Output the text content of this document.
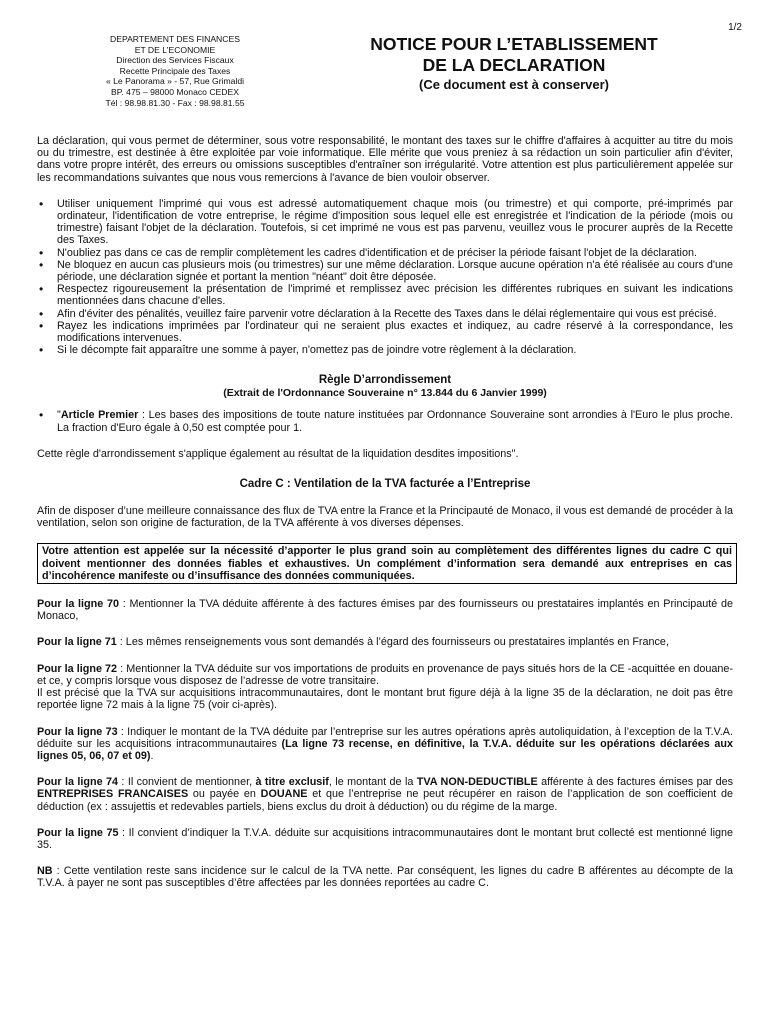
1/2
DEPARTEMENT DES FINANCES
ET DE L’ECONOMIE
Direction des Services Fiscaux
Recette Principale des Taxes
« Le Panorama » - 57, Rue Grimaldi
BP. 475 – 98000 Monaco CEDEX
Tél : 98.98.81.30 - Fax : 98.98.81.55
NOTICE POUR L’ETABLISSEMENT
DE LA DECLARATION
(Ce document est à conserver)

La déclaration, qui vous permet de déterminer, sous votre responsabilité, le montant des taxes sur le chiffre d'affaires à acquitter au titre du mois ou du trimestre, est destinée à être exploitée par voie informatique. Elle mérite que vous preniez à sa rédaction un soin particulier afin d'éviter, dans votre propre intérêt, des erreurs ou omissions susceptibles d'entraîner son irrégularité. Votre attention est plus particulièrement appelée sur les recommandations suivantes que nous vous remercions à l'avance de bien vouloir observer.

• Utiliser uniquement l'imprimé qui vous est adressé automatiquement chaque mois (ou trimestre) et qui comporte, pré-imprimés par ordinateur, l'identification de votre entreprise, le régime d'imposition sous lequel elle est enregistrée et l'indication de la période (mois ou trimestre) faisant l'objet de la déclaration. Toutefois, si cet imprimé ne vous est pas parvenu, veuillez vous le procurer auprès de la Recette des Taxes.
• N'oubliez pas dans ce cas de remplir complètement les cadres d'identification et de préciser la période faisant l'objet de la déclaration.
• Ne bloquez en aucun cas plusieurs mois (ou trimestres) sur une même déclaration. Lorsque aucune opération n'a été réalisée au cours d'une période, une déclaration signée et portant la mention "néant" doit être déposée.
• Respectez rigoureusement la présentation de l'imprimé et remplissez avec précision les différentes rubriques en suivant les indications mentionnées dans chacune d'elles.
• Afin d'éviter des pénalités, veuillez faire parvenir votre déclaration à la Recette des Taxes dans le délai réglementaire qui vous est précisé.
• Rayez les indications imprimées par l'ordinateur qui ne seraient plus exactes et indiquez, au cadre réservé à la correspondance, les modifications intervenues.
• Si le décompte fait apparaître une somme à payer, n'omettez pas de joindre votre règlement à la déclaration.
Règle D’arrondissement
(Extrait de l'Ordonnance Souveraine n° 13.844 du 6 Janvier 1999)
• "Article Premier : Les bases des impositions de toute nature instituées par Ordonnance Souveraine sont arrondies à l'Euro le plus proche. La fraction d'Euro égale à 0,50 est comptée pour 1.

Cette règle d'arrondissement s'applique également au résultat de la liquidation desdites impositions".

Cadre C : Ventilation de la TVA facturée a l’Entreprise

Afin de disposer d’une meilleure connaissance des flux de TVA entre la France et la Principauté de Monaco, il vous est demandé de procéder à la ventilation, selon son origine de facturation, de la TVA afférente à vos diverses dépenses.

Votre attention est appelée sur la nécessité d’apporter le plus grand soin au complètement des différentes lignes du cadre C qui doivent mentionner des données fiables et exhaustives. Un complément d’information sera demandé aux entreprises en cas d’incohérence manifeste ou d’insuffisance des données communiquées.

Pour la ligne 70 : Mentionner la TVA déduite afférente à des factures émises par des fournisseurs ou prestataires implantés en Principauté de Monaco,

Pour la ligne 71 : Les mêmes renseignements vous sont demandés à l’égard des fournisseurs ou prestataires implantés en France,

Pour la ligne 72 : Mentionner la TVA déduite sur vos importations de produits en provenance de pays situés hors de la CE -acquittée en douane- et ce, y compris lorsque vous disposez de l’adresse de votre transitaire.

Il est précisé que la TVA sur acquisitions intracommunautaires, dont le montant brut figure déjà à la ligne 35 de la déclaration, ne doit pas être reportée ligne 72 mais à la ligne 75 (voir ci-après).

Pour la ligne 73 : Indiquer le montant de la TVA déduite par l’entreprise sur les autres opérations après autoliquidation, à l’exception de la T.V.A. déduite sur les acquisitions intracommunautaires (La ligne 73 recense, en définitive, la T.V.A. déduite sur les opérations déclarées aux lignes 05, 06, 07 et 09).

Pour la ligne 74 : Il convient de mentionner, à titre exclusif, le montant de la TVA NON-DEDUCTIBLE afférente à des factures émises par des ENTREPRISES FRANCAISES ou payée en DOUANE et que l’entreprise ne peut récupérer en raison de l’application de son coefficient de déduction (ex : assujettis et redevables partiels, biens exclus du droit à déduction) ou du régime de la marge.

Pour la ligne 75 : Il convient d’indiquer la T.V.A. déduite sur acquisitions intracommunautaires dont le montant brut collecté est mentionné ligne 35.

NB : Cette ventilation reste sans incidence sur le calcul de la TVA nette. Par conséquent, les lignes du cadre B afférentes au décompte de la T.V.A. à payer ne sont pas susceptibles d’être affectées par les données reportées au cadre C.
